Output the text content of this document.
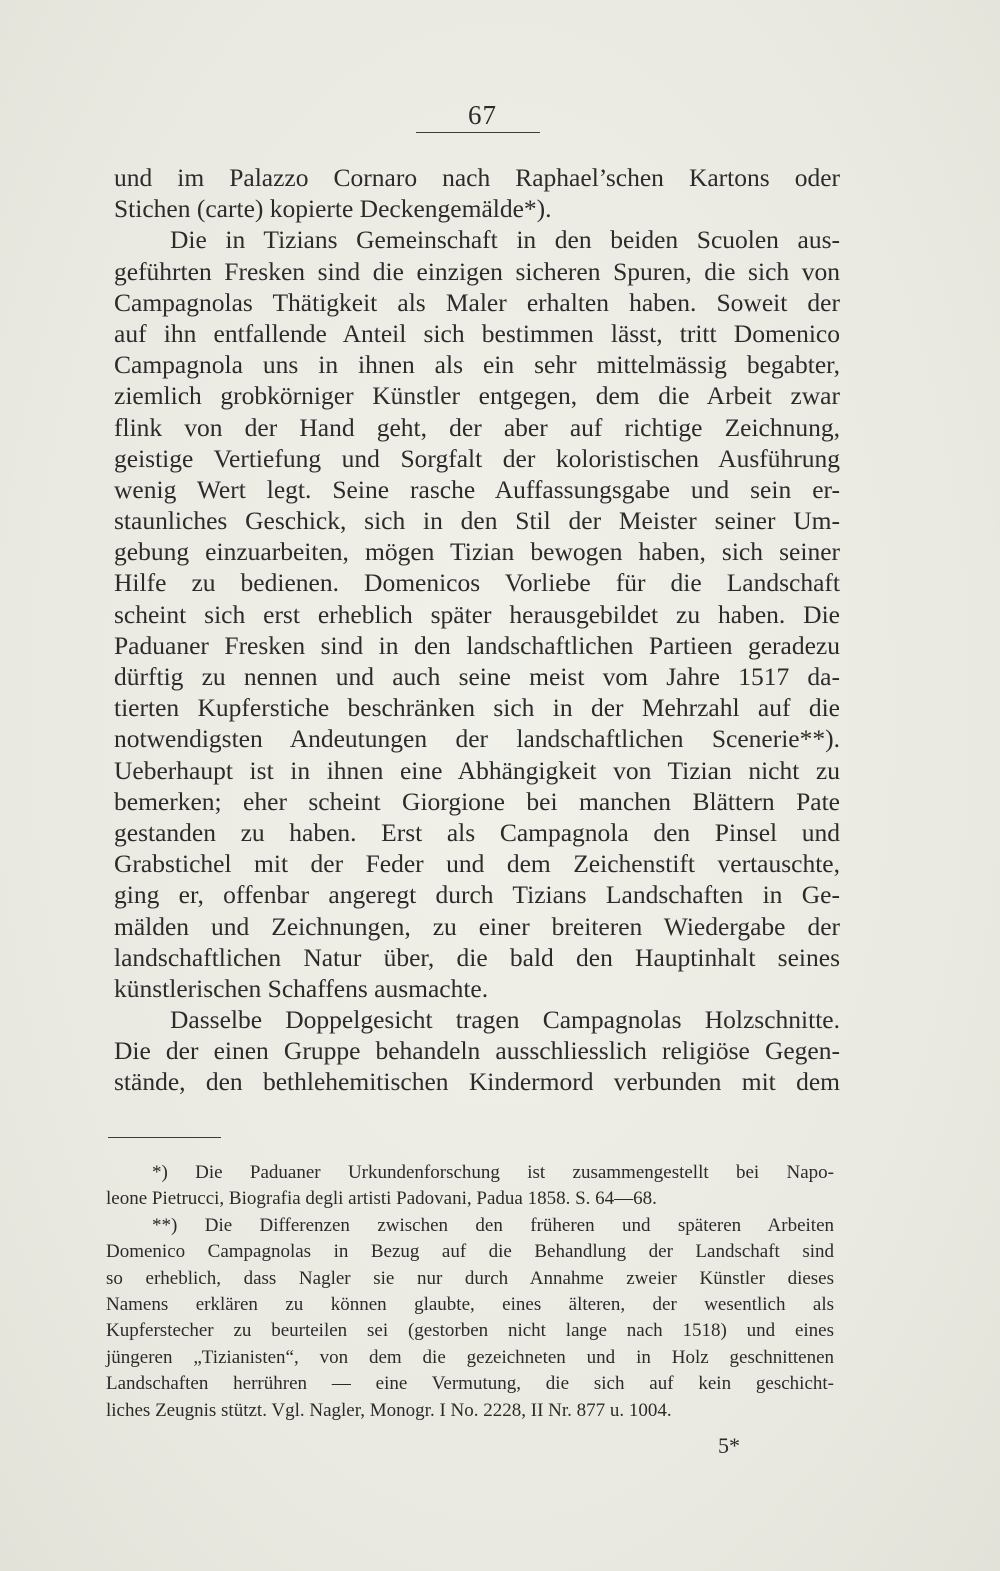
67
und im Palazzo Cornaro nach Raphael’schen Kartons oder
Stichen (carte) kopierte Deckengemälde*).
Die in Tizians Gemeinschaft in den beiden Scuolen aus-
geführten Fresken sind die einzigen sicheren Spuren, die sich von
Campagnolas Thätigkeit als Maler erhalten haben. Soweit der
auf ihn entfallende Anteil sich bestimmen lässt, tritt Domenico
Campagnola uns in ihnen als ein sehr mittelmässig begabter,
ziemlich grobkörniger Künstler entgegen, dem die Arbeit zwar
flink von der Hand geht, der aber auf richtige Zeichnung,
geistige Vertiefung und Sorgfalt der koloristischen Ausführung
wenig Wert legt. Seine rasche Auffassungsgabe und sein er-
staunliches Geschick, sich in den Stil der Meister seiner Um-
gebung einzuarbeiten, mögen Tizian bewogen haben, sich seiner
Hilfe zu bedienen. Domenicos Vorliebe für die Landschaft
scheint sich erst erheblich später herausgebildet zu haben. Die
Paduaner Fresken sind in den landschaftlichen Partieen geradezu
dürftig zu nennen und auch seine meist vom Jahre 1517 da-
tierten Kupferstiche beschränken sich in der Mehrzahl auf die
notwendigsten Andeutungen der landschaftlichen Scenerie**).
Ueberhaupt ist in ihnen eine Abhängigkeit von Tizian nicht zu
bemerken; eher scheint Giorgione bei manchen Blättern Pate
gestanden zu haben. Erst als Campagnola den Pinsel und
Grabstichel mit der Feder und dem Zeichenstift vertauschte,
ging er, offenbar angeregt durch Tizians Landschaften in Ge-
mälden und Zeichnungen, zu einer breiteren Wiedergabe der
landschaftlichen Natur über, die bald den Hauptinhalt seines
künstlerischen Schaffens ausmachte.
Dasselbe Doppelgesicht tragen Campagnolas Holzschnitte.
Die der einen Gruppe behandeln ausschliesslich religiöse Gegen-
stände, den bethlehemitischen Kindermord verbunden mit dem
*) Die Paduaner Urkundenforschung ist zusammengestellt bei Napo-
leone Pietrucci, Biografia degli artisti Padovani, Padua 1858. S. 64—68.
**) Die Differenzen zwischen den früheren und späteren Arbeiten
Domenico Campagnolas in Bezug auf die Behandlung der Landschaft sind
so erheblich, dass Nagler sie nur durch Annahme zweier Künstler dieses
Namens erklären zu können glaubte, eines älteren, der wesentlich als
Kupferstecher zu beurteilen sei (gestorben nicht lange nach 1518) und eines
jüngeren „Tizianisten“, von dem die gezeichneten und in Holz geschnittenen
Landschaften herrühren — eine Vermutung, die sich auf kein geschicht-
liches Zeugnis stützt. Vgl. Nagler, Monogr. I No. 2228, II Nr. 877 u. 1004.
5*
